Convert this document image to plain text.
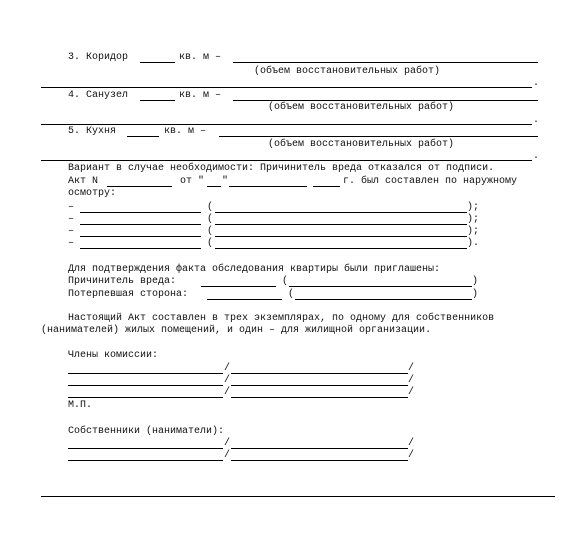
3. Коридор	кв. м –
(объем восстановительных работ)
.
4. Санузел	кв. м –
(объем восстановительных работ)
.
5. Кухня	кв. м –
(объем восстановительных работ)
.
Вариант в случае необходимости: Причинитель вреда отказался от подписи.
Акт N	от " "	г. был составлен по наружному
осмотру:
–	(	);
–	(	);
–	(	);
–	(	).
Для подтверждения факта обследования квартиры были приглашены:
Причинитель вреда:	(	)
Потерпевшая сторона:	(	)
Настоящий Акт составлен в трех экземплярах, по одному для собственников
(нанимателей) жилых помещений, и один – для жилищной организации.
Члены комиссии:
/	/
/	/
/	/
М.П.
Собственники (наниматели):
/	/
/	/
